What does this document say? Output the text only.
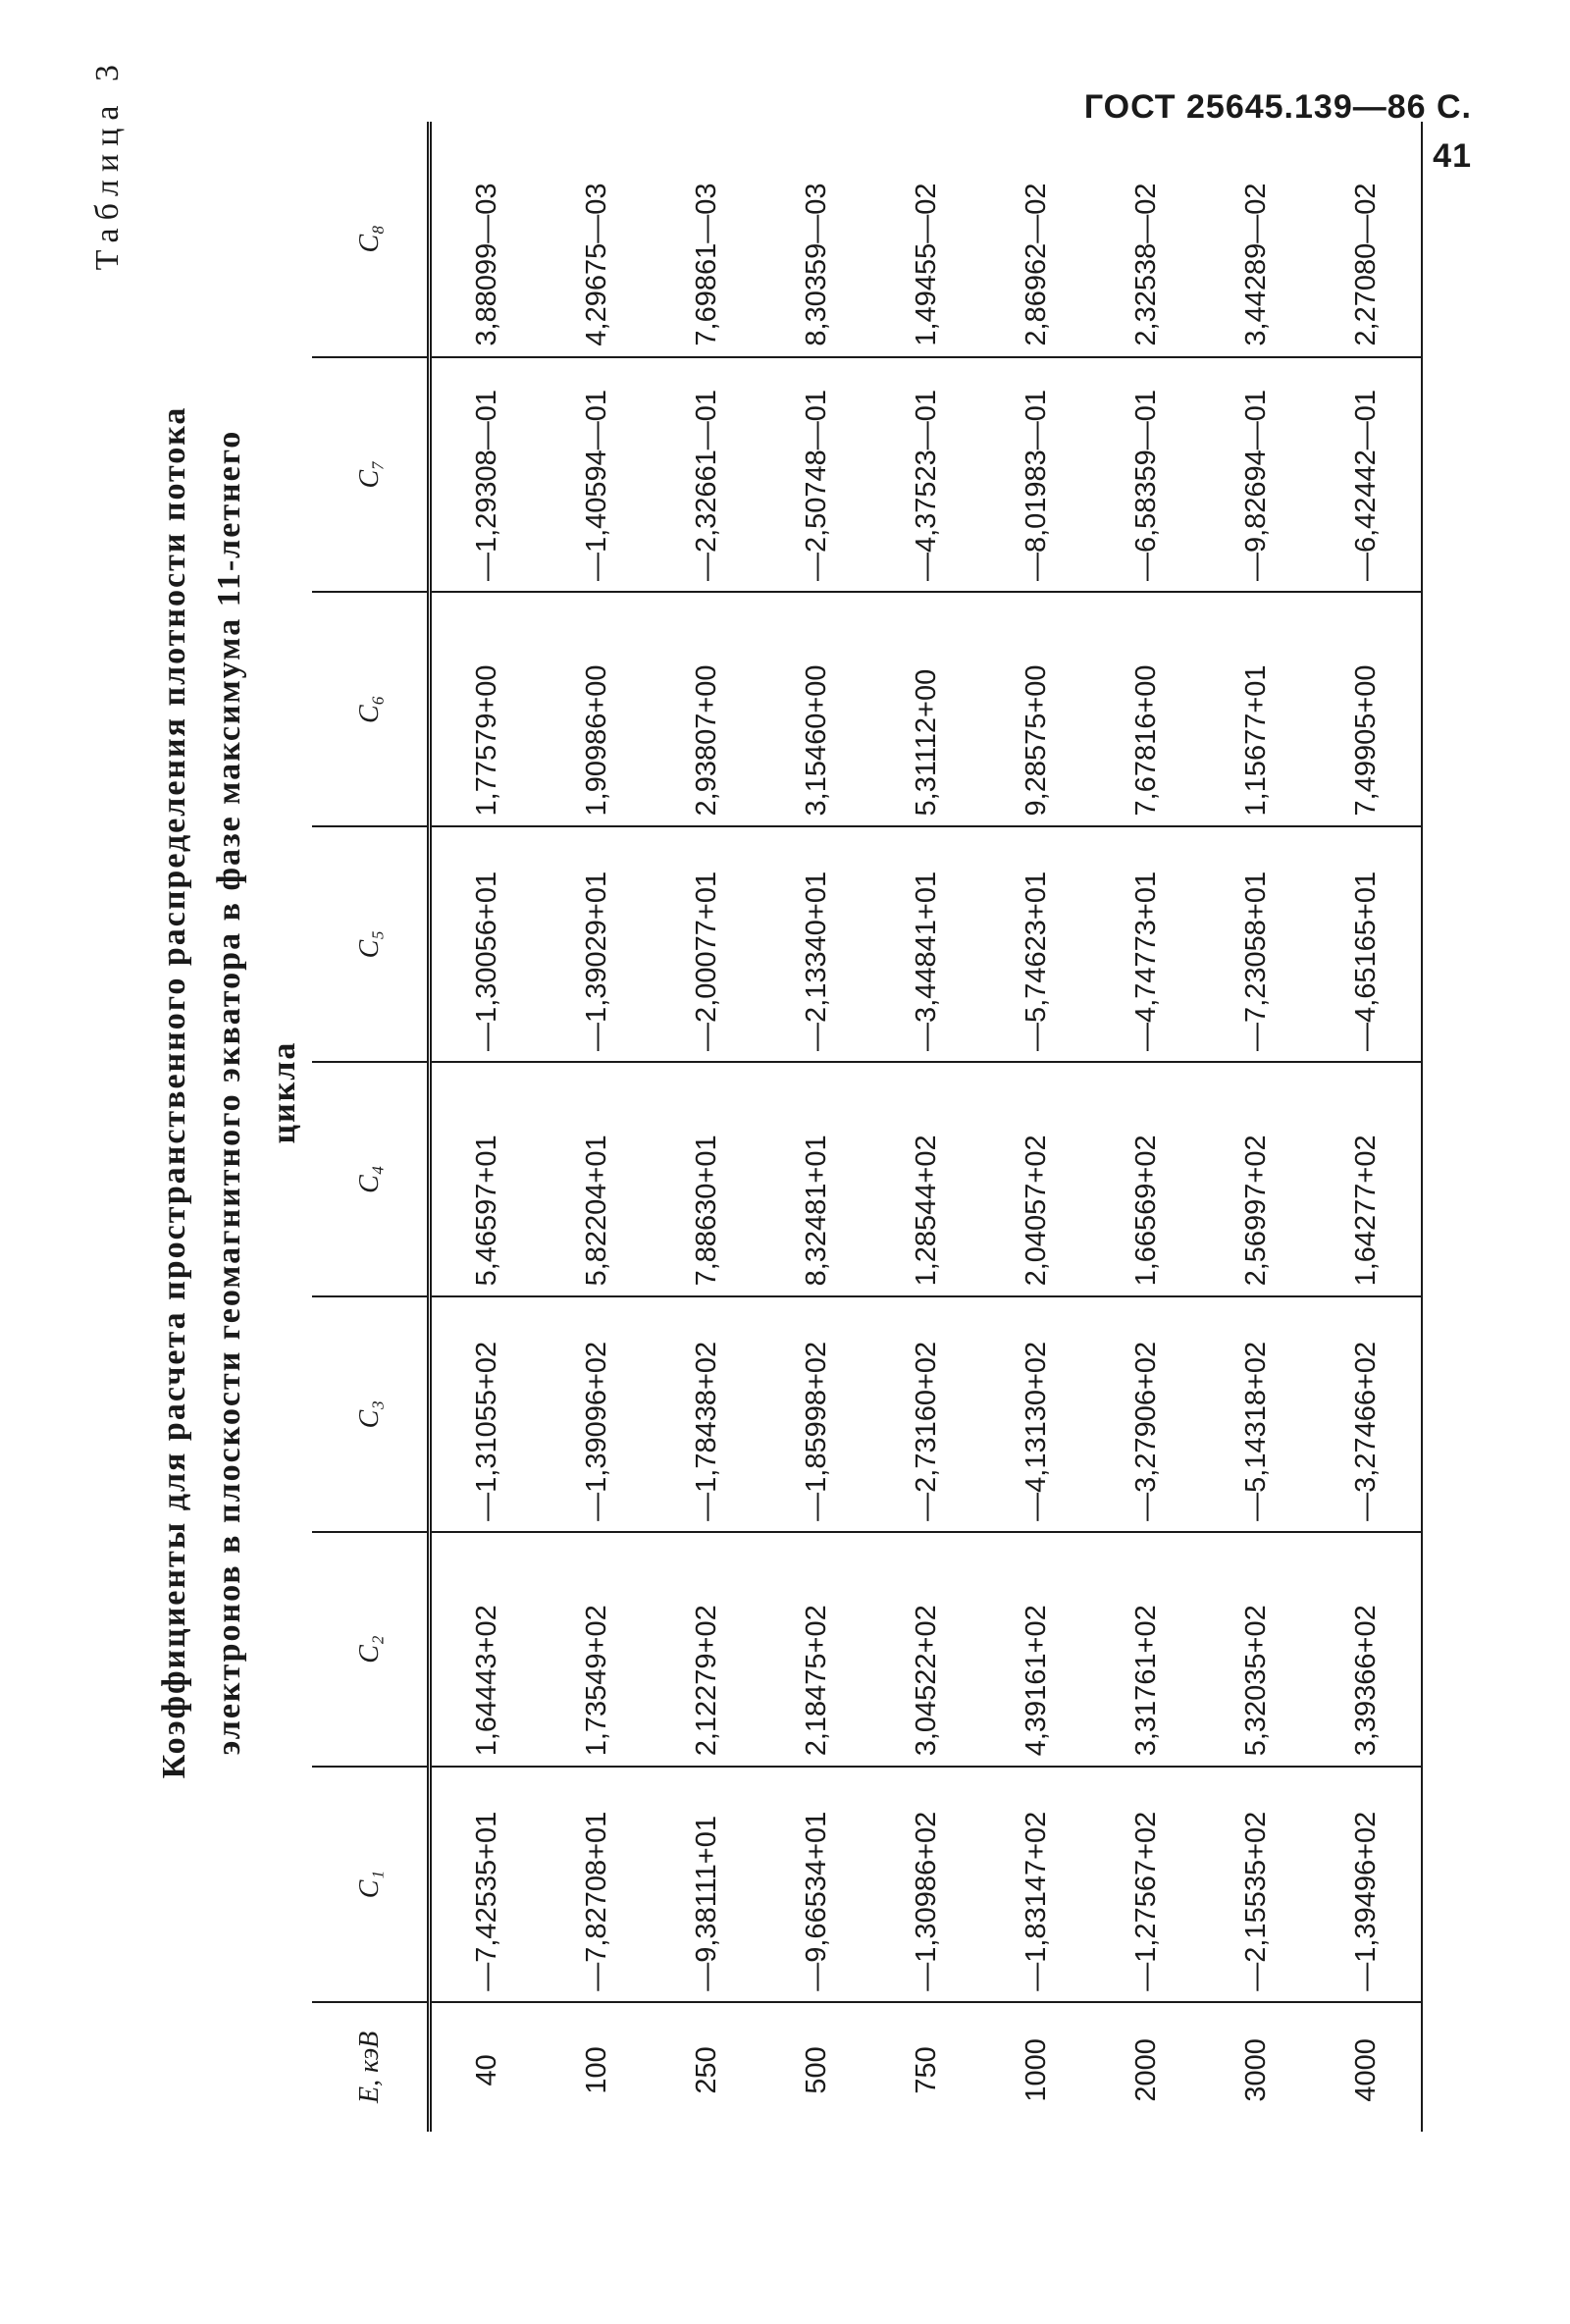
ГОСТ 25645.139—86 С. 41
Таблица 3
Коэффициенты для расчета пространственного распределения плотности потока
электронов в плоскости геомагнитного экватора в фазе максимума 11-летнего
цикла
E, кэВ	C₁	C₂	C₃	C₄	C₅	C₆	C₇	C₈
40	—7,42535+01	1,64443+02	—1,31055+02	5,46597+01	—1,30056+01	1,77579+00	—1,29308—01	3,88099—03
100	—7,82708+01	1,73549+02	—1,39096+02	5,82204+01	—1,39029+01	1,90986+00	—1,40594—01	4,29675—03
250	—9,38111+01	2,12279+02	—1,78438+02	7,88630+01	—2,00077+01	2,93807+00	—2,32661—01	7,69861—03
500	—9,66534+01	2,18475+02	—1,85998+02	8,32481+01	—2,13340+01	3,15460+00	—2,50748—01	8,30359—03
750	—1,30986+02	3,04522+02	—2,73160+02	1,28544+02	—3,44841+01	5,31112+00	—4,37523—01	1,49455—02
1000	—1,83147+02	4,39161+02	—4,13130+02	2,04057+02	—5,74623+01	9,28575+00	—8,01983—01	2,86962—02
2000	—1,27567+02	3,31761+02	—3,27906+02	1,66569+02	—4,74773+01	7,67816+00	—6,58359—01	2,32538—02
3000	—2,15535+02	5,32035+02	—5,14318+02	2,56997+02	—7,23058+01	1,15677+01	—9,82694—01	3,44289—02
4000	—1,39496+02	3,39366+02	—3,27466+02	1,64277+02	—4,65165+01	7,49905+00	—6,42442—01	2,27080—02
